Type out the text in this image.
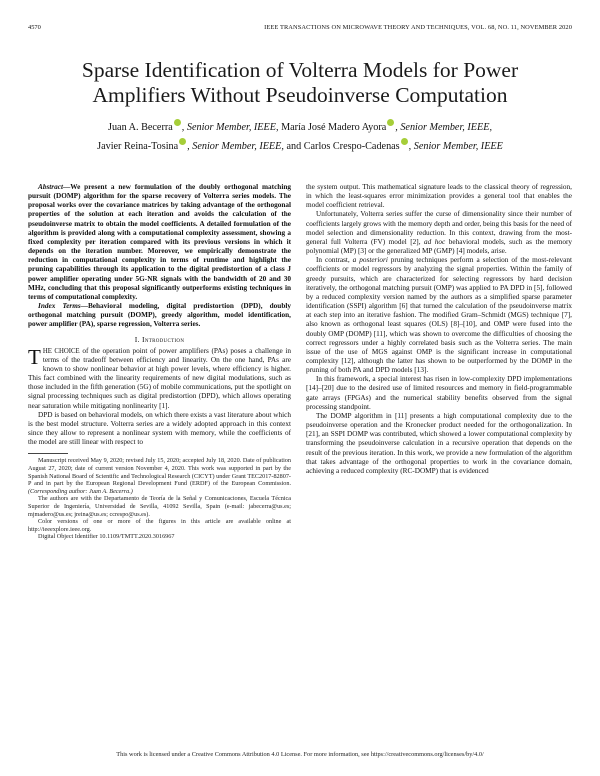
4570	IEEE TRANSACTIONS ON MICROWAVE THEORY AND TECHNIQUES, VOL. 68, NO. 11, NOVEMBER 2020
Sparse Identification of Volterra Models for Power
Amplifiers Without Pseudoinverse Computation
Juan A. Becerra , Senior Member, IEEE, María José Madero Ayora , Senior Member, IEEE,
Javier Reina-Tosina , Senior Member, IEEE, and Carlos Crespo-Cadenas , Senior Member, IEEE

Abstract—We present a new formulation of the doubly orthogonal matching pursuit (DOMP) algorithm for the sparse recovery of Volterra series models. The proposal works over the covariance matrices by taking advantage of the orthogonal properties of the solution at each iteration and avoids the calculation of the pseudoinverse matrix to obtain the model coefficients. A detailed formulation of the algorithm is provided along with a computational complexity assessment, showing a fixed complexity per iteration compared with its previous versions in which it depends on the iteration number. Moreover, we empirically demonstrate the reduction in computational complexity in terms of runtime and highlight the pruning capabilities through its application to the digital predistortion of a class J power amplifier operating under 5G-NR signals with the bandwidth of 20 and 30 MHz, concluding that this proposal significantly outperforms existing techniques in terms of computational complexity.

Index Terms—Behavioral modeling, digital predistortion (DPD), doubly orthogonal matching pursuit (DOMP), greedy algorithm, model identification, power amplifier (PA), sparse regression, Volterra series.

I. Introduction

THE CHOICE of the operation point of power amplifiers (PAs) poses a challenge in terms of the tradeoff between efficiency and linearity. On the one hand, PAs are known to show nonlinear behavior at high power levels, where efficiency is higher. This fact combined with the linearity requirements of new digital modulations, such as those included in the fifth generation (5G) of mobile communications, put the spotlight on signal processing techniques such as digital predistortion (DPD), which allows operating near saturation while mitigating nonlinearity [1].

DPD is based on behavioral models, on which there exists a vast literature about which is the best model structure. Volterra series are a widely adopted approach in this context since they allow to represent a nonlinear system with memory, while the coefficients of the model are still linear with respect to

Manuscript received May 9, 2020; revised July 15, 2020; accepted July 18, 2020. Date of publication August 27, 2020; date of current version November 4, 2020. This work was supported in part by the Spanish National Board of Scientific and Technological Research (CICYT) under Grant TEC2017-82807-P and in part by the European Regional Development Fund (ERDF) of the European Commission. (Corresponding author: Juan A. Becerra.)

The authors are with the Departamento de Teoría de la Señal y Comunicaciones, Escuela Técnica Superior de Ingeniería, Universidad de Sevilla, 41092 Sevilla, Spain (e-mail: jabecerra@us.es; mjmadero@us.es; jreina@us.es; ccrespo@us.es).

Color versions of one or more of the figures in this article are available online at http://ieeexplore.ieee.org.

Digital Object Identifier 10.1109/TMTT.2020.3016967

the system output. This mathematical signature leads to the classical theory of regression, in which the least-squares error minimization provides a general tool that enables the model coefficient retrieval.

Unfortunately, Volterra series suffer the curse of dimensionality since their number of coefficients largely grows with the memory depth and order, being this basis for the need of model selection and dimensionality reduction. In this context, drawing from the most-general full Volterra (FV) model [2], ad hoc behavioral models, such as the memory polynomial (MP) [3] or the generalized MP (GMP) [4] models, arise.

In contrast, a posteriori pruning techniques perform a selection of the most-relevant coefficients or model regressors by analyzing the signal properties. Within the family of greedy pursuits, which are characterized for selecting regressors by hard decision iteratively, the orthogonal matching pursuit (OMP) was applied to PA DPD in [5], followed by a reduced complexity version named by the authors as a simplified sparse parameter identification (SSPI) algorithm [6] that turned the calculation of the pseudoinverse matrix at each step into an iterative fashion. The modified Gram–Schmidt (MGS) technique [7], also known as orthogonal least squares (OLS) [8]–[10], and OMP were fused into the doubly OMP (DOMP) [11], which was shown to overcome the difficulties of choosing the correct regressors under a highly correlated basis such as the Volterra series. The main issue of the use of MGS against OMP is the significant increase in computational complexity [12], although the latter has shown to be outperformed by the DOMP in the pruning of both PA and DPD models [13].

In this framework, a special interest has risen in low-complexity DPD implementations [14]–[20] due to the desired use of limited resources and memory in field-programmable gate arrays (FPGAs) and the numerical stability benefits observed from the signal processing standpoint.

The DOMP algorithm in [11] presents a high computational complexity due to the pseudoinverse operation and the Kronecker product needed for the orthogonalization. In [21], an SSPI DOMP was contributed, which showed a lower computational complexity by transforming the pseudoinverse calculation in a recursive operation that depends on the result of the previous iteration. In this work, we provide a new formulation of the algorithm that takes advantage of the orthogonal properties to work in the covariance domain, achieving a reduced complexity (RC-DOMP) that is evidenced

This work is licensed under a Creative Commons Attribution 4.0 License. For more information, see https://creativecommons.org/licenses/by/4.0/
